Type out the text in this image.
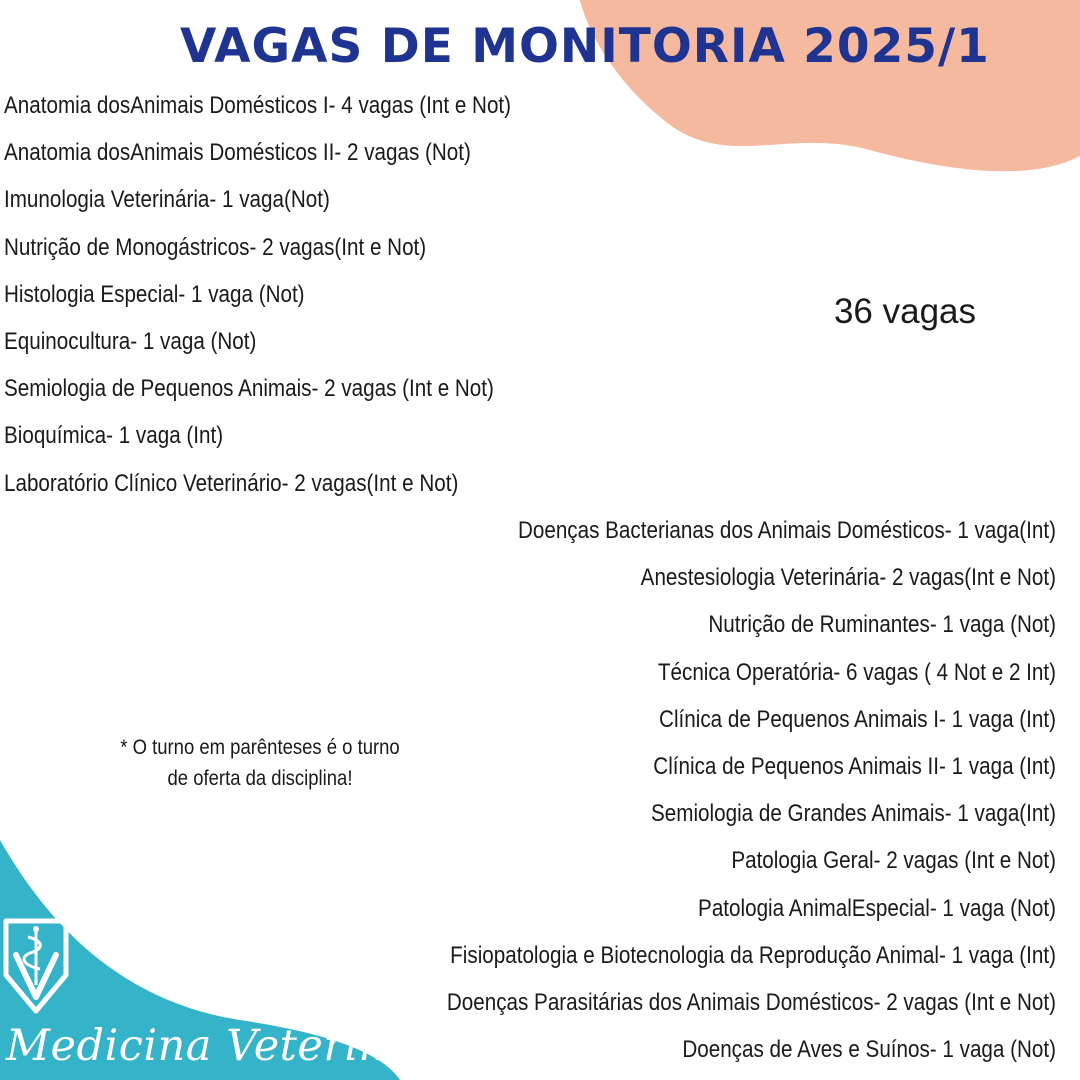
VAGAS DE MONITORIA 2025/1
Anatomia dosAnimais Domésticos I- 4 vagas (Int e Not)
Anatomia dosAnimais Domésticos II- 2 vagas (Not)
Imunologia Veterinária- 1 vaga(Not)
Nutrição de Monogástricos- 2 vagas(Int e Not)
Histologia Especial- 1 vaga (Not)
Equinocultura- 1 vaga (Not)
Semiologia de Pequenos Animais- 2 vagas (Int e Not)
Bioquímica- 1 vaga (Int)
Laboratório Clínico Veterinário- 2 vagas(Int e Not)
36 vagas
Doenças Bacterianas dos Animais Domésticos- 1 vaga(Int)
Anestesiologia Veterinária- 2 vagas(Int e Not)
Nutrição de Ruminantes- 1 vaga (Not)
Técnica Operatória- 6 vagas ( 4 Not e 2 Int)
Clínica de Pequenos Animais I- 1 vaga (Int)
Clínica de Pequenos Animais II- 1 vaga (Int)
Semiologia de Grandes Animais- 1 vaga(Int)
Patologia Geral- 2 vagas (Int e Not)
Patologia AnimalEspecial- 1 vaga (Not)
Fisiopatologia e Biotecnologia da Reprodução Animal- 1 vaga (Int)
Doenças Parasitárias dos Animais Domésticos- 2 vagas (Int e Not)
Doenças de Aves e Suínos- 1 vaga (Not)
* O turno em parênteses é o turno
de oferta da disciplina!
Medicina Veterinária
